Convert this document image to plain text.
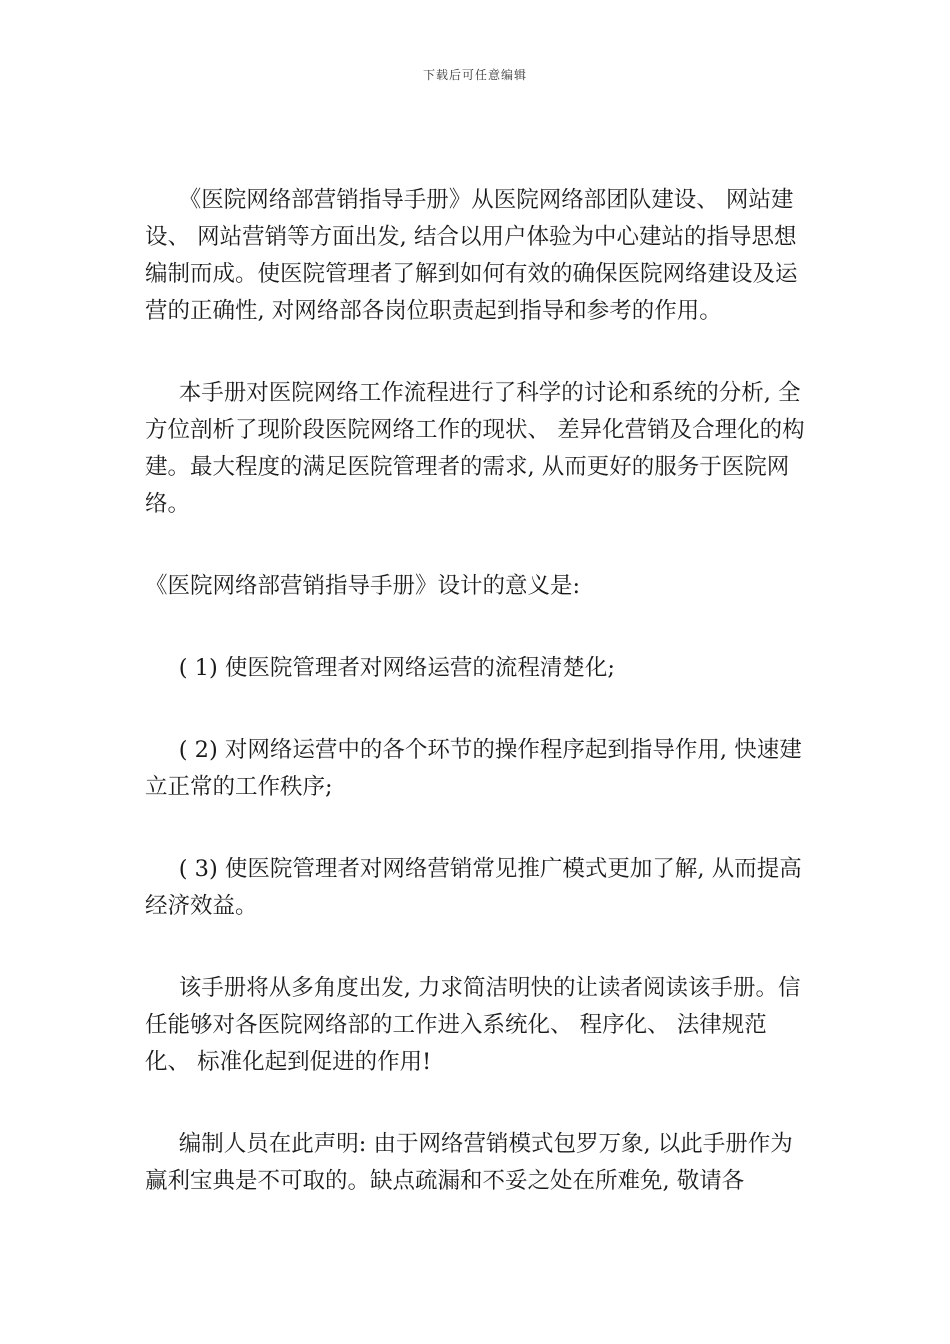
下载后可任意编辑

《医院网络部营销指导手册》从医院网络部团队建设、 网站建设、 网站营销等方面出发, 结合以用户体验为中心建站的指导思想编制而成。使医院管理者了解到如何有效的确保医院网络建设及运营的正确性, 对网络部各岗位职责起到指导和参考的作用。

本手册对医院网络工作流程进行了科学的讨论和系统的分析, 全方位剖析了现阶段医院网络工作的现状、 差异化营销及合理化的构建。最大程度的满足医院管理者的需求, 从而更好的服务于医院网络。

《医院网络部营销指导手册》设计的意义是:

( 1) 使医院管理者对网络运营的流程清楚化;

( 2) 对网络运营中的各个环节的操作程序起到指导作用, 快速建立正常的工作秩序;

( 3) 使医院管理者对网络营销常见推广模式更加了解, 从而提高经济效益。

该手册将从多角度出发, 力求简洁明快的让读者阅读该手册。信任能够对各医院网络部的工作进入系统化、 程序化、 法律规范化、 标准化起到促进的作用!

编制人员在此声明: 由于网络营销模式包罗万象, 以此手册作为赢利宝典是不可取的。缺点疏漏和不妥之处在所难免, 敬请各
